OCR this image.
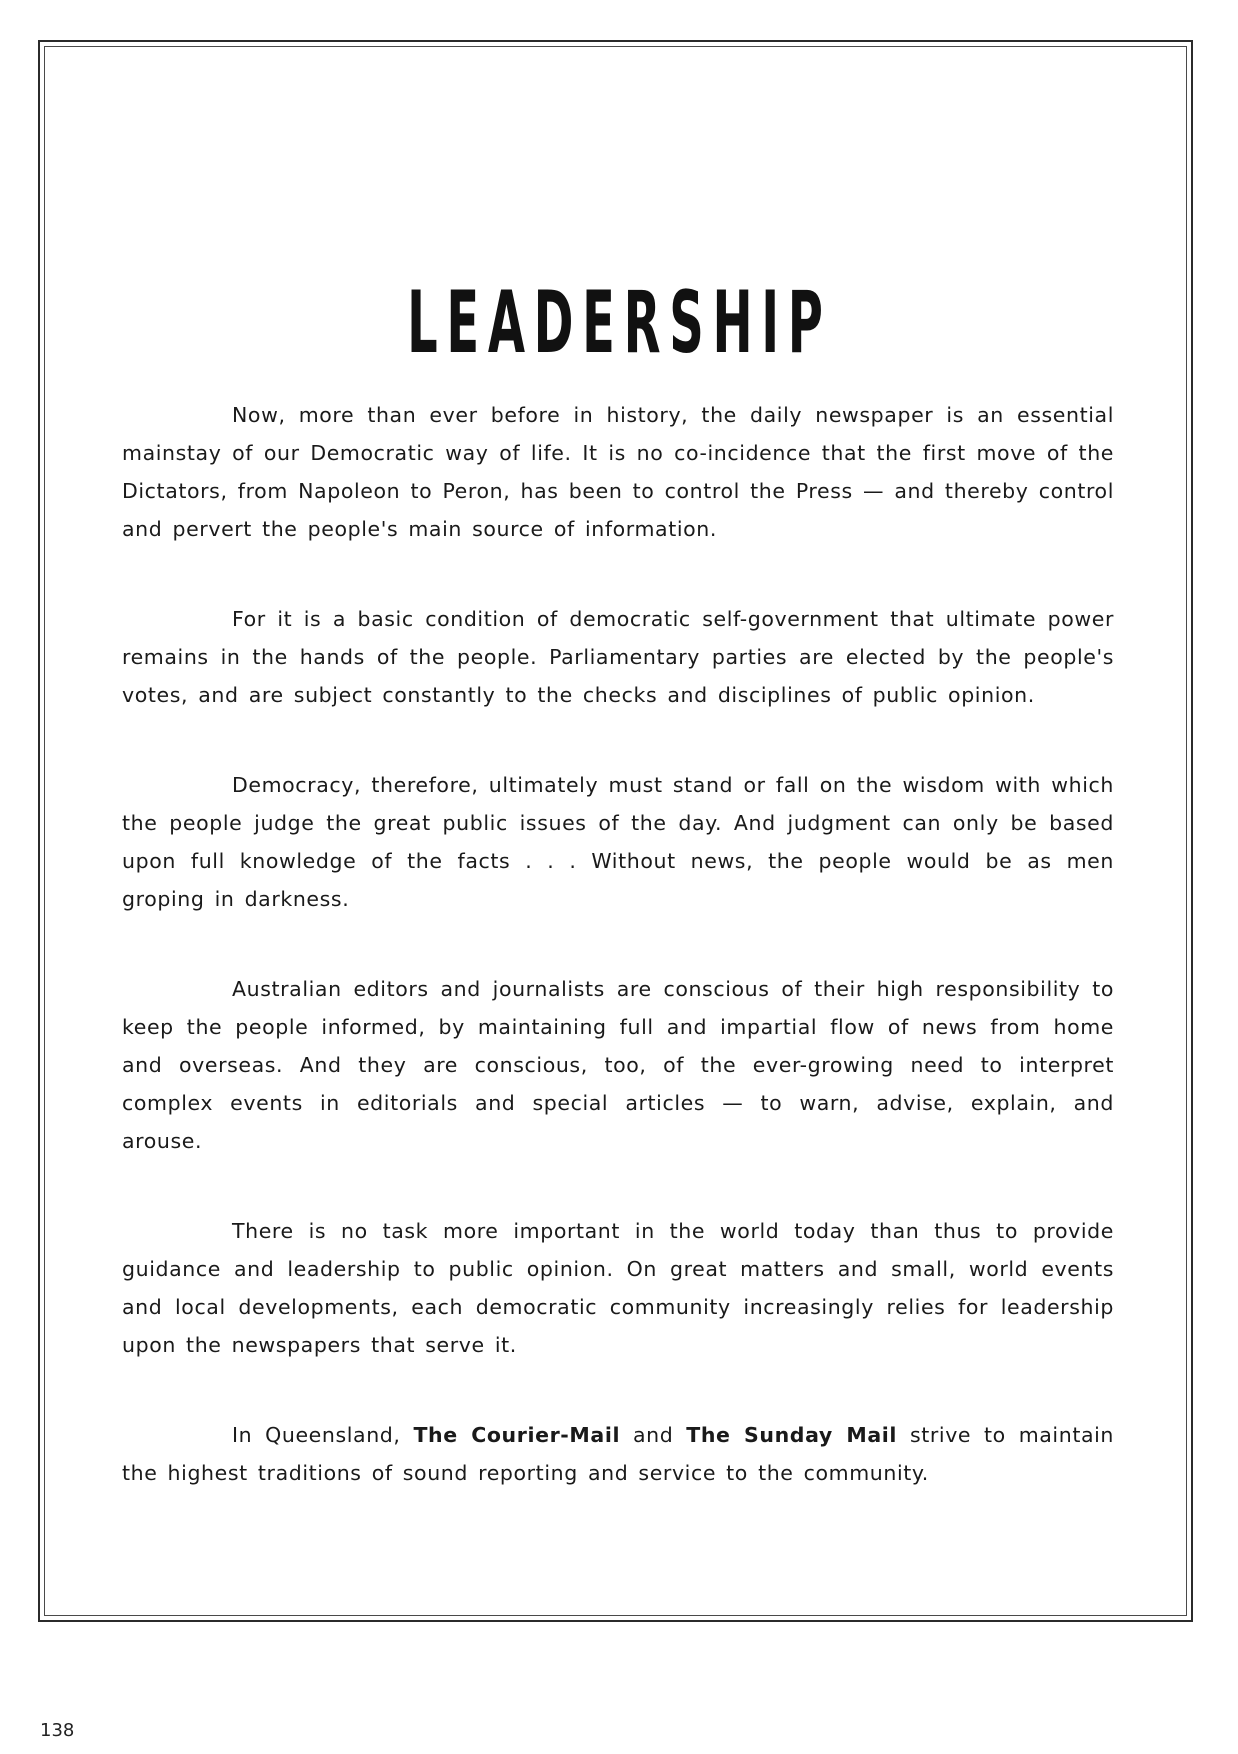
LEADERSHIP

Now, more than ever before in history, the daily newspaper is an essential mainstay of our Democratic way of life. It is no co-incidence that the first move of the Dictators, from Napoleon to Peron, has been to control the Press — and thereby control and pervert the people's main source of information.

For it is a basic condition of democratic self-government that ultimate power remains in the hands of the people. Parliamentary parties are elected by the people's votes, and are subject constantly to the checks and disciplines of public opinion.

Democracy, therefore, ultimately must stand or fall on the wisdom with which the people judge the great public issues of the day. And judgment can only be based upon full knowledge of the facts . . . Without news, the people would be as men groping in darkness.

Australian editors and journalists are conscious of their high responsibility to keep the people informed, by maintaining full and impartial flow of news from home and overseas. And they are conscious, too, of the ever-growing need to interpret complex events in editorials and special articles — to warn, advise, explain, and arouse.

There is no task more important in the world today than thus to provide guidance and leadership to public opinion. On great matters and small, world events and local developments, each democratic community increasingly relies for leadership upon the newspapers that serve it.

In Queensland, The Courier-Mail and The Sunday Mail strive to maintain the highest traditions of sound reporting and service to the community.

138
